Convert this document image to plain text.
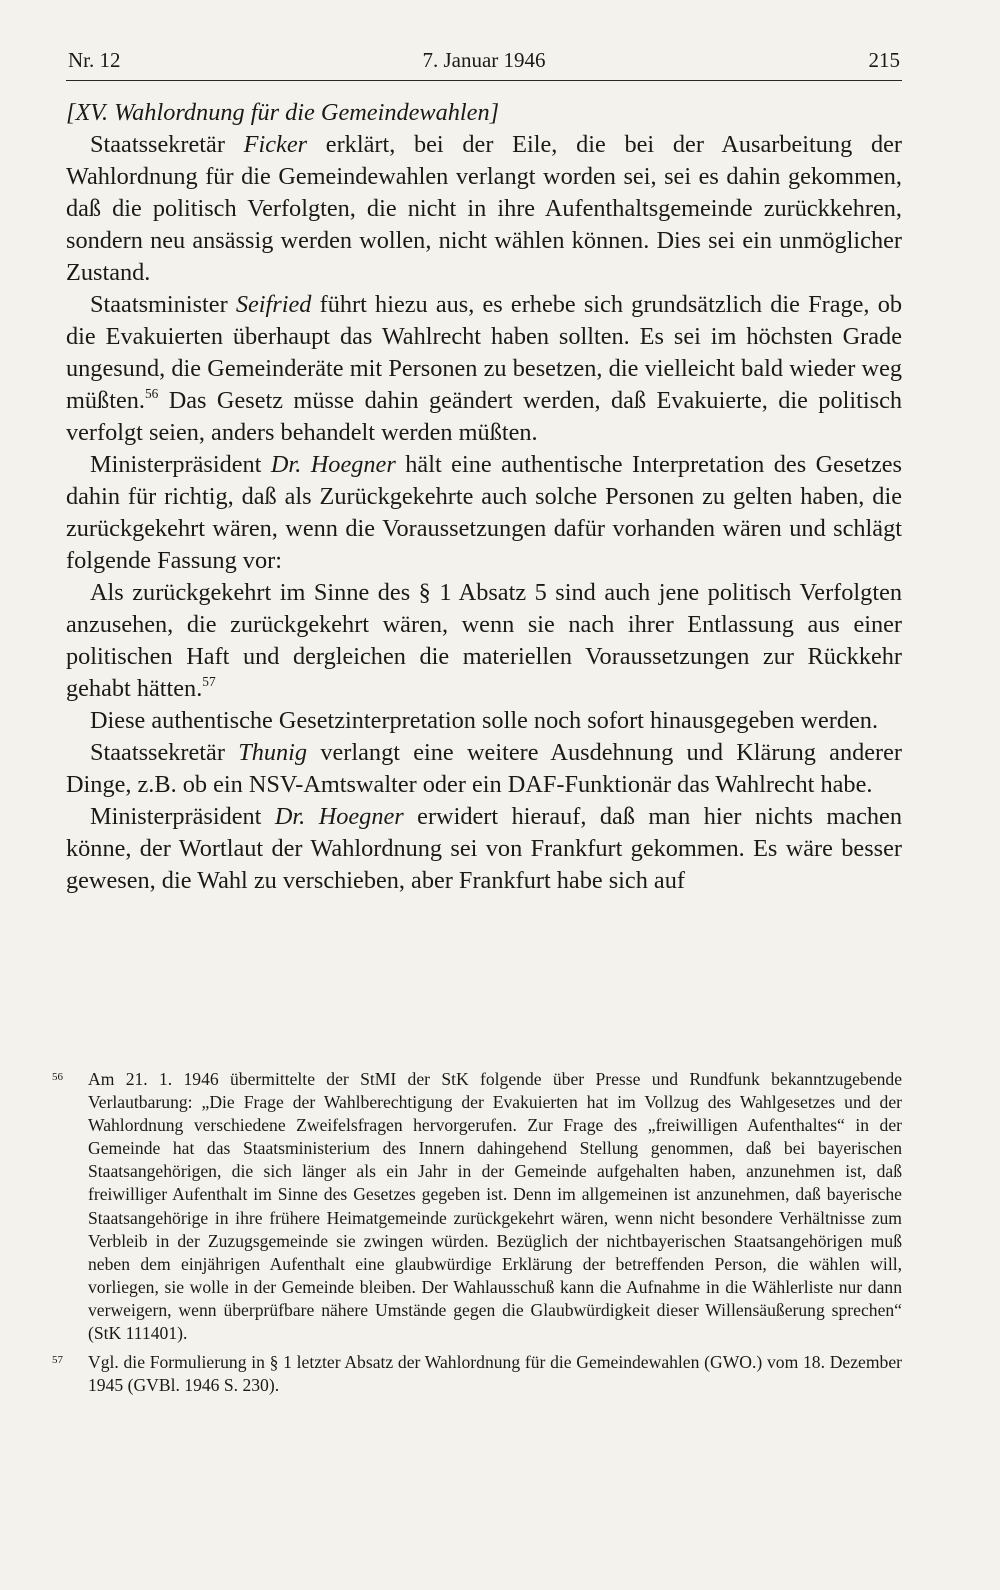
Nr. 12	7. Januar 1946	215

[XV. Wahlordnung für die Gemeindewahlen]

Staatssekretär Ficker erklärt, bei der Eile, die bei der Ausarbeitung der Wahlordnung für die Gemeindewahlen verlangt worden sei, sei es dahin gekommen, daß die politisch Verfolgten, die nicht in ihre Aufenthaltsgemeinde zurückkehren, sondern neu ansässig werden wollen, nicht wählen können. Dies sei ein unmöglicher Zustand.

Staatsminister Seifried führt hiezu aus, es erhebe sich grundsätzlich die Frage, ob die Evakuierten überhaupt das Wahlrecht haben sollten. Es sei im höchsten Grade ungesund, die Gemeinderäte mit Personen zu besetzen, die vielleicht bald wieder weg müßten.$^{56}$ Das Gesetz müsse dahin geändert werden, daß Evakuierte, die politisch verfolgt seien, anders behandelt werden müßten.

Ministerpräsident Dr. Hoegner hält eine authentische Interpretation des Gesetzes dahin für richtig, daß als Zurückgekehrte auch solche Personen zu gelten haben, die zurückgekehrt wären, wenn die Voraussetzungen dafür vorhanden wären und schlägt folgende Fassung vor:

Als zurückgekehrt im Sinne des § 1 Absatz 5 sind auch jene politisch Verfolgten anzusehen, die zurückgekehrt wären, wenn sie nach ihrer Entlassung aus einer politischen Haft und dergleichen die materiellen Voraussetzungen zur Rückkehr gehabt hätten.$^{57}$

Diese authentische Gesetzinterpretation solle noch sofort hinausgegeben werden.

Staatssekretär Thunig verlangt eine weitere Ausdehnung und Klärung anderer Dinge, z.B. ob ein NSV-Amtswalter oder ein DAF-Funktionär das Wahlrecht habe.

Ministerpräsident Dr. Hoegner erwidert hierauf, daß man hier nichts machen könne, der Wortlaut der Wahlordnung sei von Frankfurt gekommen. Es wäre besser gewesen, die Wahl zu verschieben, aber Frankfurt habe sich auf

56 Am 21. 1. 1946 übermittelte der StMI der StK folgende über Presse und Rundfunk bekanntzugebende Verlautbarung: „Die Frage der Wahlberechtigung der Evakuierten hat im Vollzug des Wahlgesetzes und der Wahlordnung verschiedene Zweifelsfragen hervorgerufen. Zur Frage des „freiwilligen Aufenthaltes“ in der Gemeinde hat das Staatsministerium des Innern dahingehend Stellung genommen, daß bei bayerischen Staatsangehörigen, die sich länger als ein Jahr in der Gemeinde aufgehalten haben, anzunehmen ist, daß freiwilliger Aufenthalt im Sinne des Gesetzes gegeben ist. Denn im allgemeinen ist anzunehmen, daß bayerische Staatsangehörige in ihre frühere Heimatgemeinde zurückgekehrt wären, wenn nicht besondere Verhältnisse zum Verbleib in der Zuzugsgemeinde sie zwingen würden. Bezüglich der nichtbayerischen Staatsangehörigen muß neben dem einjährigen Aufenthalt eine glaubwürdige Erklärung der betreffenden Person, die wählen will, vorliegen, sie wolle in der Gemeinde bleiben. Der Wahlausschuß kann die Aufnahme in die Wählerliste nur dann verweigern, wenn überprüfbare nähere Umstände gegen die Glaubwürdigkeit dieser Willensäußerung sprechen“ (StK 111401).
57 Vgl. die Formulierung in § 1 letzter Absatz der Wahlordnung für die Gemeindewahlen (GWO.) vom 18. Dezember 1945 (GVBl. 1946 S. 230).
